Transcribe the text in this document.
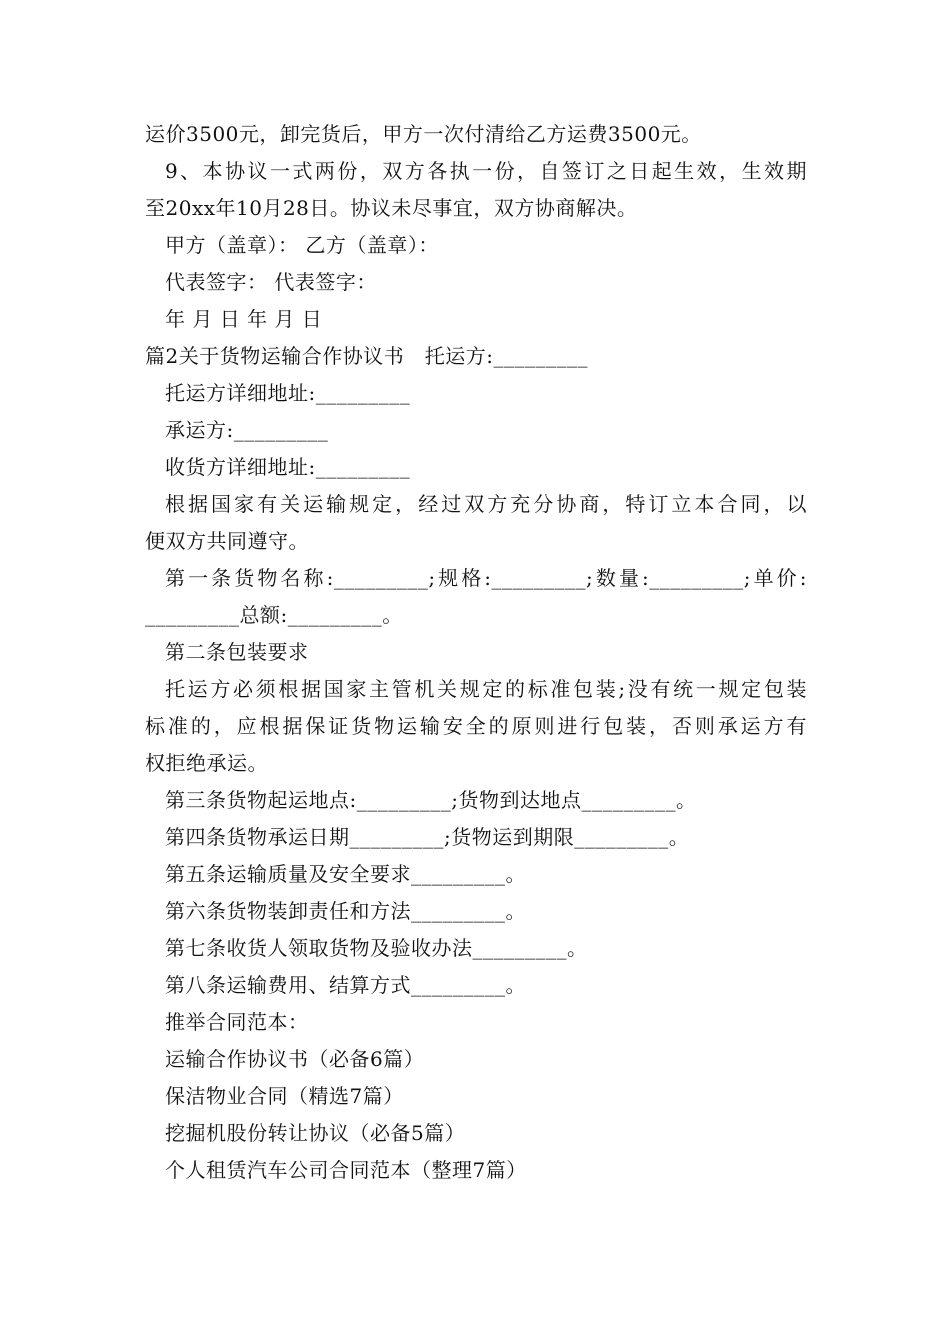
运价3500元，卸完货后，甲方一次付清给乙方运费3500元。
9、本协议一式两份，双方各执一份，自签订之日起生效，生效期
至20xx年10月28日。协议未尽事宜，双方协商解决。
甲方（盖章）： 乙方（盖章）：
代表签字： 代表签字：
年 月 日 年 月 日
篇2关于货物运输合作协议书　托运方:_________
托运方详细地址:_________
承运方:_________
收货方详细地址:_________
根据国家有关运输规定，经过双方充分协商，特订立本合同，以
便双方共同遵守。
第一条货物名称:_________;规格:_________;数量:_________;单价:
_________总额:_________。
第二条包装要求
托运方必须根据国家主管机关规定的标准包装;没有统一规定包装
标准的，应根据保证货物运输安全的原则进行包装，否则承运方有
权拒绝承运。
第三条货物起运地点:_________;货物到达地点_________。
第四条货物承运日期_________;货物运到期限_________。
第五条运输质量及安全要求_________。
第六条货物装卸责任和方法_________。
第七条收货人领取货物及验收办法_________。
第八条运输费用、结算方式_________。
推举合同范本：
运输合作协议书（必备6篇）
保洁物业合同（精选7篇）
挖掘机股份转让协议（必备5篇）
个人租赁汽车公司合同范本（整理7篇）
